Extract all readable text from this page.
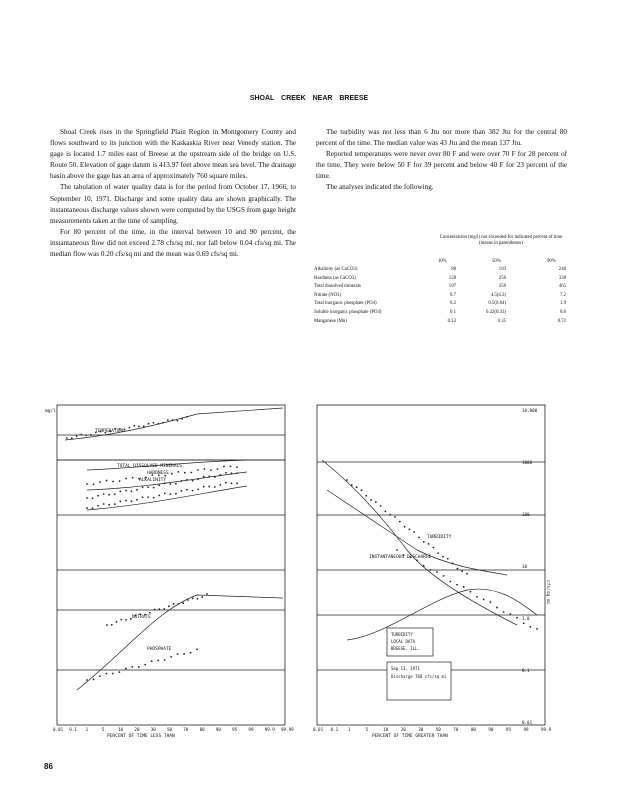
SHOAL CREEK NEAR BREESE

Shoal Creek rises in the Springfield Plain Region in Montgomery County and flows southward to its junction with the Kaskaskia River near Venedy station. The gage is located 1.7 miles east of Breese at the upstream side of the bridge on U.S. Route 50. Elevation of gage datum is 413.97 feet above mean sea level. The drainage basin above the gage has an area of approximately 760 square miles.

The tabulation of water quality data is for the period from October 17, 1966, to September 10, 1971. Discharge and some quality data are shown graphically. The instantaneous discharge values shown were computed by the USGS from gage height measurements taken at the time of sampling.

For 80 percent of the time, in the interval between 10 and 90 percent, the instantaneous flow did not exceed 2.78 cfs/sq mi, nor fall below 0.04 cfs/sq mi. The median flow was 0.20 cfs/sq mi and the mean was 0.69 cfs/sq mi.

The turbidity was not less than 6 Jtu nor more than 382 Jtu for the central 80 percent of the time. The median value was 43 Jtu and the mean 137 Jtu.

Reported temperatures were never over 80 F and were over 70 F for 28 percent of the time. They were below 50 F for 39 percent and below 40 F for 23 percent of the time.

The analyses indicated the following.

Concentration (mg/l) not exceeded for indicated percent of time (means in parentheses)
10%	50%	90%
Alkalinity (as CaCO3)	88	193	248
Hardness (as CaCO3)	128	256	338
Total dissolved minerals	197	358	465
Nitrate (NO3)	0.7	4.5(4.3)	7.2
Total inorganic phosphate (PO4)	0.2	0.5(0.84)	1.9
Soluble inorganic phosphate (PO4)	0.1	0.22(0.33)	0.6
Manganese (Mn)	0.13	0.35	0.72
TEMPERATURE
TOTAL DISSOLVED MINERALS
HARDNESS
ALKALINITY
NITRATE
PHOSPHATE
TURBIDITY
INSTANTANEOUS DISCHARGE
PERCENT OF TIME LESS THAN	PERCENT OF TIME GREATER THAN
mg/l
cfs/sq mi
TURBIDITY
LOCAL DATA
BREESE, ILL.
Sep 13, 1971
Discharge 768 cfs/sq mi
0.01 0.1 1	5	10	20	30	50	70	80	90	95	99	99.9 99.99	0.01 0.1 1	5	10	20	30	50	70	80	90	95	99	99.9
10,000
1000
100
10
1.0
0.1
0.01
86
